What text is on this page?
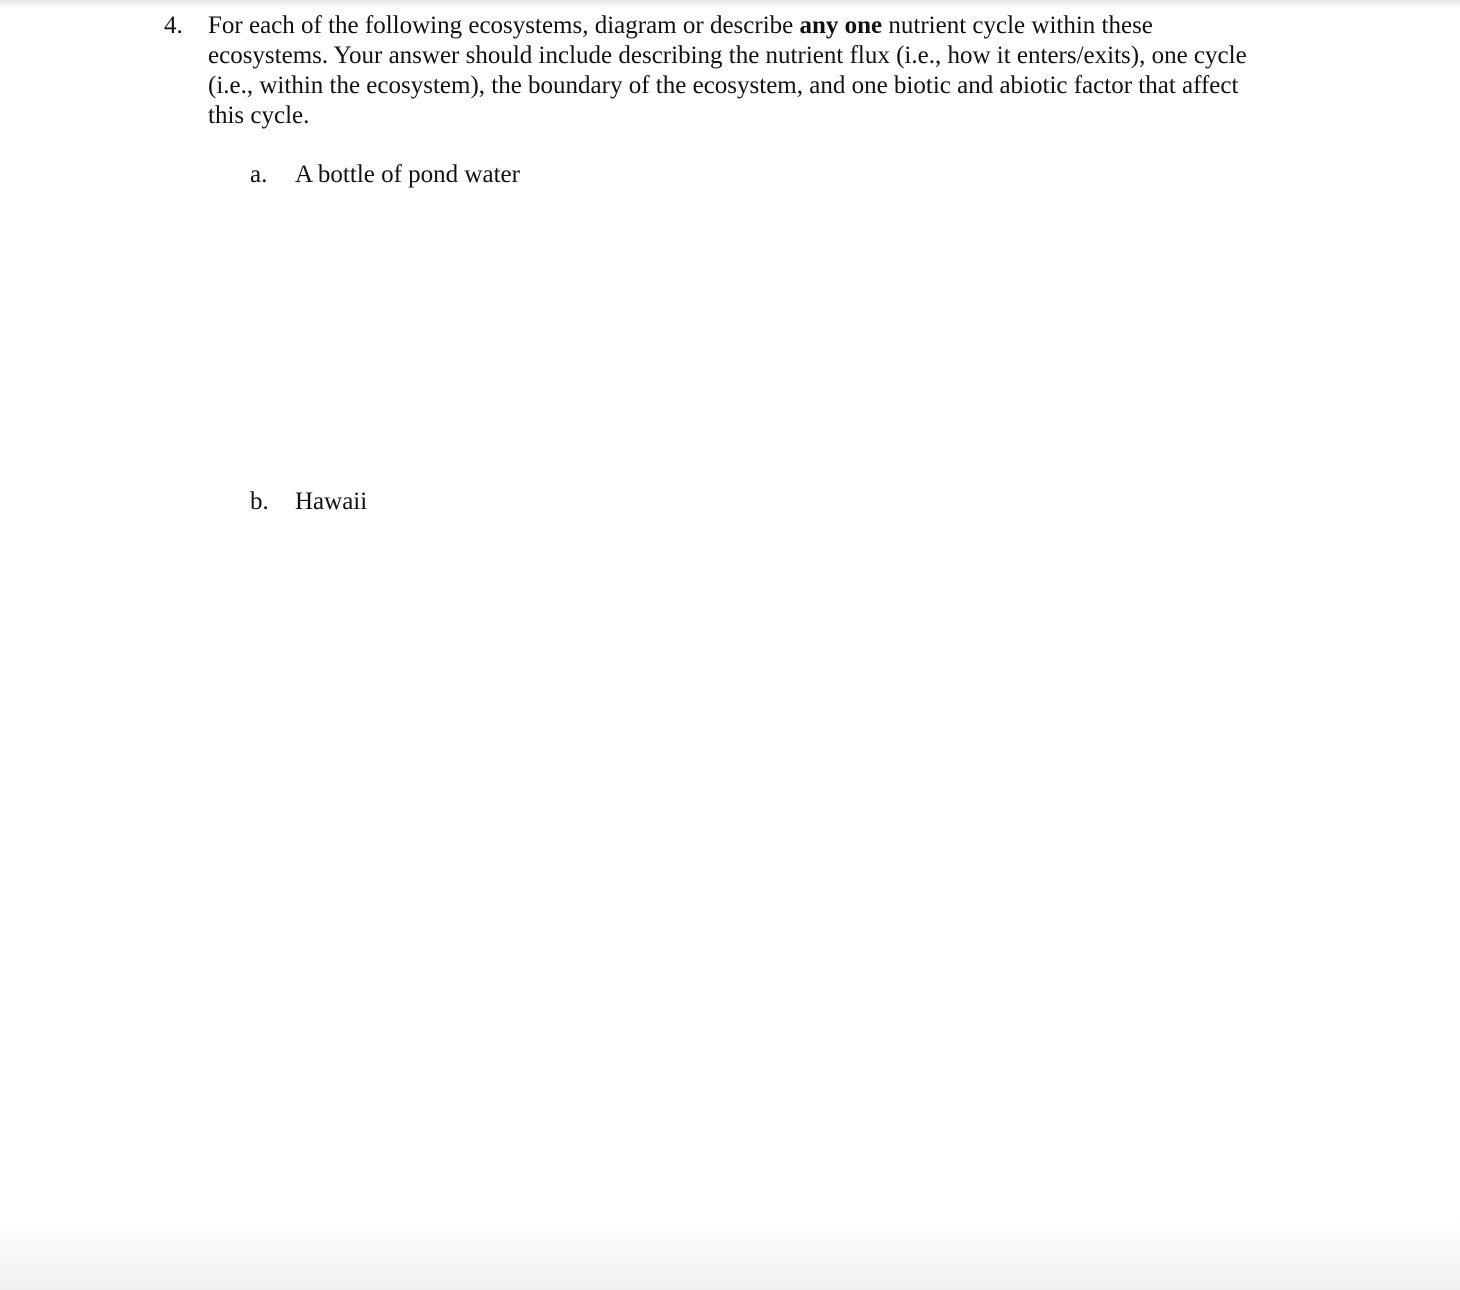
4. For each of the following ecosystems, diagram or describe any one nutrient cycle within these
ecosystems. Your answer should include describing the nutrient flux (i.e., how it enters/exits), one cycle
(i.e., within the ecosystem), the boundary of the ecosystem, and one biotic and abiotic factor that affect
this cycle.
a. A bottle of pond water
b. Hawaii
